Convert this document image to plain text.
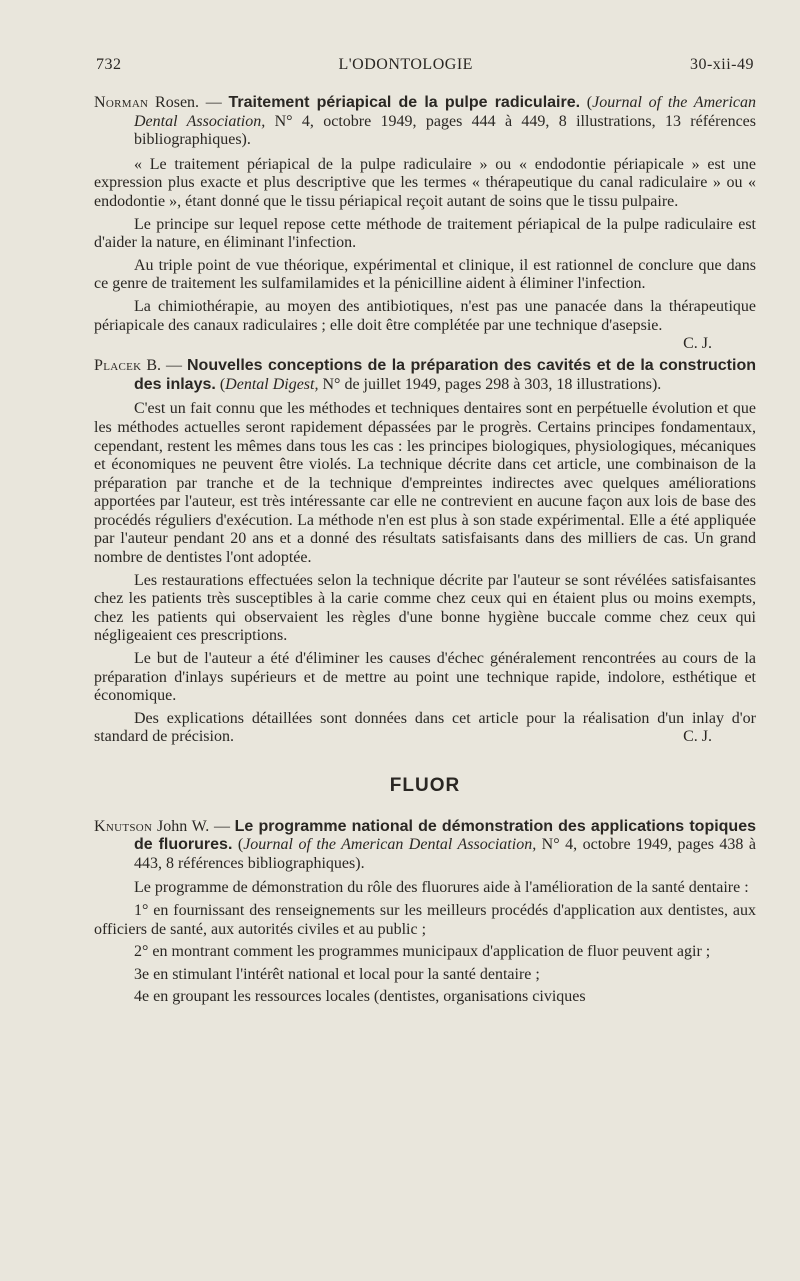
732	L'ODONTOLOGIE	30-xii-49
Norman Rosen. — Traitement périapical de la pulpe radiculaire. (Journal of the American Dental Association, N° 4, octobre 1949, pages 444 à 449, 8 illustrations, 13 références bibliographiques).

« Le traitement périapical de la pulpe radiculaire » ou « endodontie périapicale » est une expression plus exacte et plus descriptive que les termes « thérapeutique du canal radiculaire » ou « endodontie », étant donné que le tissu périapical reçoit autant de soins que le tissu pulpaire.

Le principe sur lequel repose cette méthode de traitement périapical de la pulpe radiculaire est d'aider la nature, en éliminant l'infection.

Au triple point de vue théorique, expérimental et clinique, il est rationnel de conclure que dans ce genre de traitement les sulfamilamides et la pénicilline aident à éliminer l'infection.

La chimiothérapie, au moyen des antibiotiques, n'est pas une panacée dans la thérapeutique périapicale des canaux radiculaires ; elle doit être complétée par une technique d'asepsie.
C. J.

Placek B. — Nouvelles conceptions de la préparation des cavités et de la construction des inlays. (Dental Digest, N° de juillet 1949, pages 298 à 303, 18 illustrations).

C'est un fait connu que les méthodes et techniques dentaires sont en perpétuelle évolution et que les méthodes actuelles seront rapidement dépassées par le progrès. Certains principes fondamentaux, cependant, restent les mêmes dans tous les cas : les principes biologiques, physiologiques, mécaniques et économiques ne peuvent être violés. La technique décrite dans cet article, une combinaison de la préparation par tranche et de la technique d'empreintes indirectes avec quelques améliorations apportées par l'auteur, est très intéressante car elle ne contrevient en aucune façon aux lois de base des procédés réguliers d'exécution. La méthode n'en est plus à son stade expérimental. Elle a été appliquée par l'auteur pendant 20 ans et a donné des résultats satisfaisants dans des milliers de cas. Un grand nombre de dentistes l'ont adoptée.

Les restaurations effectuées selon la technique décrite par l'auteur se sont révélées satisfaisantes chez les patients très susceptibles à la carie comme chez ceux qui en étaient plus ou moins exempts, chez les patients qui observaient les règles d'une bonne hygiène buccale comme chez ceux qui négligeaient ces prescriptions.

Le but de l'auteur a été d'éliminer les causes d'échec généralement rencontrées au cours de la préparation d'inlays supérieurs et de mettre au point une technique rapide, indolore, esthétique et économique.

Des explications détaillées sont données dans cet article pour la réalisation d'un inlay d'or standard de précision.	C. J.

FLUOR
Knutson John W. — Le programme national de démonstration des applications topiques de fluorures. (Journal of the American Dental Association, N° 4, octobre 1949, pages 438 à 443, 8 références bibliographiques).

Le programme de démonstration du rôle des fluorures aide à l'amélioration de la santé dentaire :

1° en fournissant des renseignements sur les meilleurs procédés d'application aux dentistes, aux officiers de santé, aux autorités civiles et au public ;

2° en montrant comment les programmes municipaux d'application de fluor peuvent agir ;

3e en stimulant l'intérêt national et local pour la santé dentaire ;

4e en groupant les ressources locales (dentistes, organisations civiques
